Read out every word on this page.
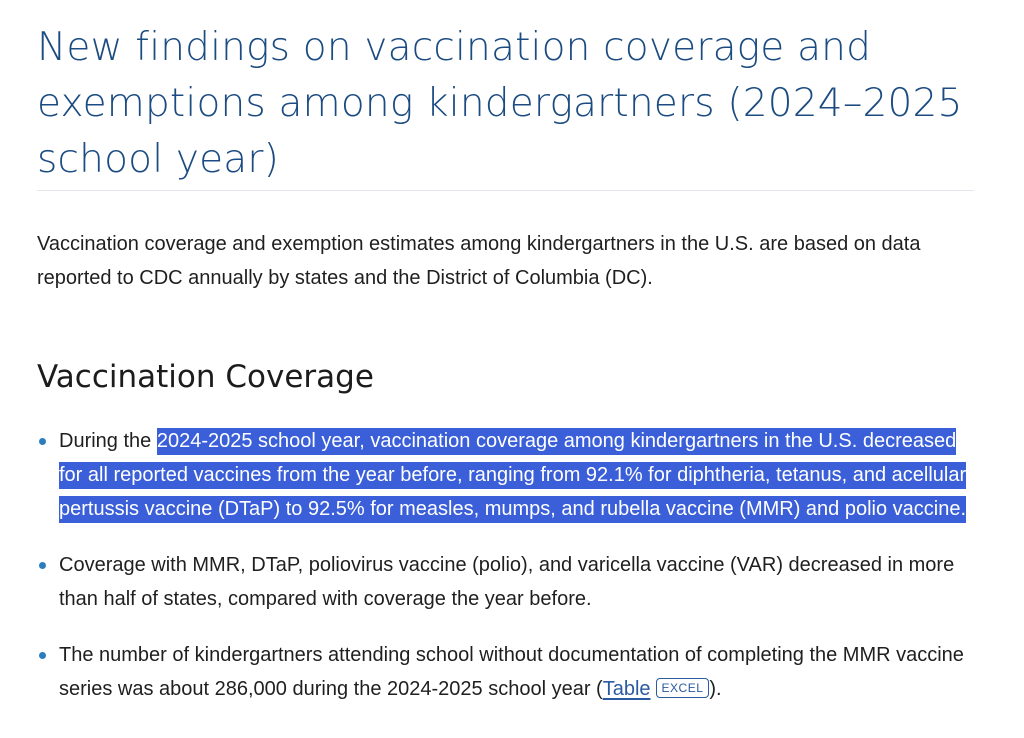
New findings on vaccination coverage and exemptions among kindergartners (2024–2025 school year)

Vaccination coverage and exemption estimates among kindergartners in the U.S. are based on data reported to CDC annually by states and the District of Columbia (DC).

Vaccination Coverage
During the 2024-2025 school year, vaccination coverage among kindergartners in the U.S. decreased for all reported vaccines from the year before, ranging from 92.1% for diphtheria, tetanus, and acellular pertussis vaccine (DTaP) to 92.5% for measles, mumps, and rubella vaccine (MMR) and polio vaccine.
Coverage with MMR, DTaP, poliovirus vaccine (polio), and varicella vaccine (VAR) decreased in more than half of states, compared with coverage the year before.
The number of kindergartners attending school without documentation of completing the MMR vaccine series was about 286,000 during the 2024-2025 school year (Table EXCEL ).
